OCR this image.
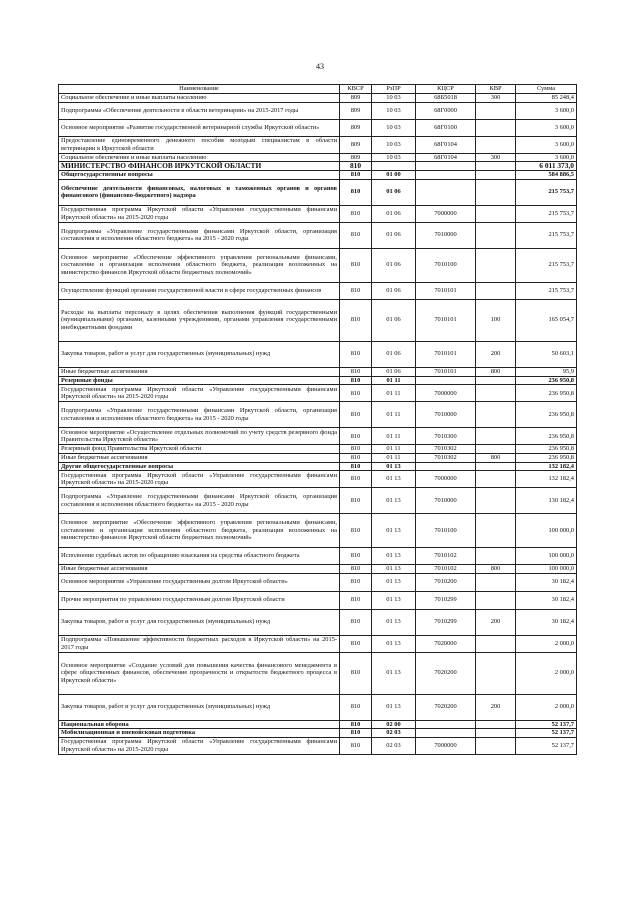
43
Наименование	КВСР	РзПР	КЦСР	КВР	Сумма
Социальное обеспечение и иные выплаты населению	809	10 03	68Б5018	300	85 248,4
Подпрограмма «Обеспечение деятельности в области ветеринарии» на 2015-2017 годы	809	10 03	68Г0000		3 600,0
Основное мероприятие «Развитие государственной ветеринарной службы Иркутской области»	809	10 03	68Г0100		3 600,0
Предоставление единовременного денежного пособия молодым специалистам в области ветеринарии в Иркутской области	809	10 03	68Г0104		3 600,0
Социальное обеспечение и иные выплаты населению	809	10 03	68Г0104	300	3 600,0
МИНИСТЕРСТВО ФИНАНСОВ ИРКУТСКОЙ ОБЛАСТИ	810				6 011 373,0
Общегосударственные вопросы	810	01 00			584 886,5
Обеспечение деятельности финансовых, налоговых и таможенных органов и органов финансового (финансово-бюджетного) надзора	810	01 06			215 753,7
Государственная программа Иркутской области «Управление государственными финансами Иркутской области» на 2015-2020 годы	810	01 06	7000000		215 753,7
Подпрограмма «Управление государственными финансами Иркутской области, организация составления и исполнения областного бюджета» на 2015 - 2020 годы	810	01 06	7010000		215 753,7
Основное мероприятие «Обеспечение эффективного управления региональными финансами, составление и организация исполнения областного бюджета, реализация возложенных на министерство финансов Иркутской области бюджетных полномочий»	810	01 06	7010100		215 753,7
Осуществление функций органами государственной власти в сфере государственных финансов	810	01 06	7010101		215 753,7
Расходы на выплаты персоналу в целях обеспечения выполнения функций государственными (муниципальными) органами, казенными учреждениями, органами управления государственными внебюджетными фондами	810	01 06	7010101	100	165 054,7
Закупка товаров, работ и услуг для государственных (муниципальных) нужд	810	01 06	7010101	200	50 603,1
Иные бюджетные ассигнования	810	01 06	7010101	800	95,9
Резервные фонды	810	01 11			236 950,8
Государственная программа Иркутской области «Управление государственными финансами Иркутской области» на 2015-2020 годы	810	01 11	7000000		236 950,8
Подпрограмма «Управление государственными финансами Иркутской области, организация составления и исполнения областного бюджета» на 2015 - 2020 годы	810	01 11	7010000		236 950,8
Основное мероприятие «Осуществление отдельных полномочий по учету средств резервного фонда Правительства Иркутской области»	810	01 11	7010300		236 950,8
Резервный фонд Правительства Иркутской области	810	01 11	7010302		236 950,8
Иные бюджетные ассигнования	810	01 11	7010302	800	236 950,8
Другие общегосударственные вопросы	810	01 13			132 182,4
Государственная программа Иркутской области «Управление государственными финансами Иркутской области» на 2015-2020 годы	810	01 13	7000000		132 182,4
Подпрограмма «Управление государственными финансами Иркутской области, организация составления и исполнения областного бюджета» на 2015 - 2020 годы	810	01 13	7010000		130 182,4
Основное мероприятие «Обеспечение эффективного управления региональными финансами, составление и организация исполнения областного бюджета, реализация возложенных на министерство финансов Иркутской области бюджетных полномочий»	810	01 13	7010100		100 000,0
Исполнение судебных актов по обращению взыскания на средства областного бюджета	810	01 13	7010102		100 000,0
Иные бюджетные ассигнования	810	01 13	7010102	800	100 000,0
Основное мероприятие «Управление государственным долгом Иркутской области»	810	01 13	7010200		30 182,4
Прочие мероприятия по управлению государственным долгом Иркутской области	810	01 13	7010299		30 182,4
Закупка товаров, работ и услуг для государственных (муниципальных) нужд	810	01 13	7010299	200	30 182,4
Подпрограмма «Повышение эффективности бюджетных расходов в Иркутской области» на 2015-2017 годы	810	01 13	7020000		2 000,0
Основное мероприятие «Создание условий для повышения качества финансового менеджмента в сфере общественных финансов, обеспечение прозрачности и открытости бюджетного процесса в Иркутской области»	810	01 13	7020200		2 000,0
Закупка товаров, работ и услуг для государственных (муниципальных) нужд	810	01 13	7020200	200	2 000,0
Национальная оборона	810	02 00			52 137,7
Мобилизационная и вневойсковая подготовка	810	02 03			52 137,7
Государственная программа Иркутской области «Управление государственными финансами Иркутской области» на 2015-2020 годы	810	02 03	7000000		52 137,7
